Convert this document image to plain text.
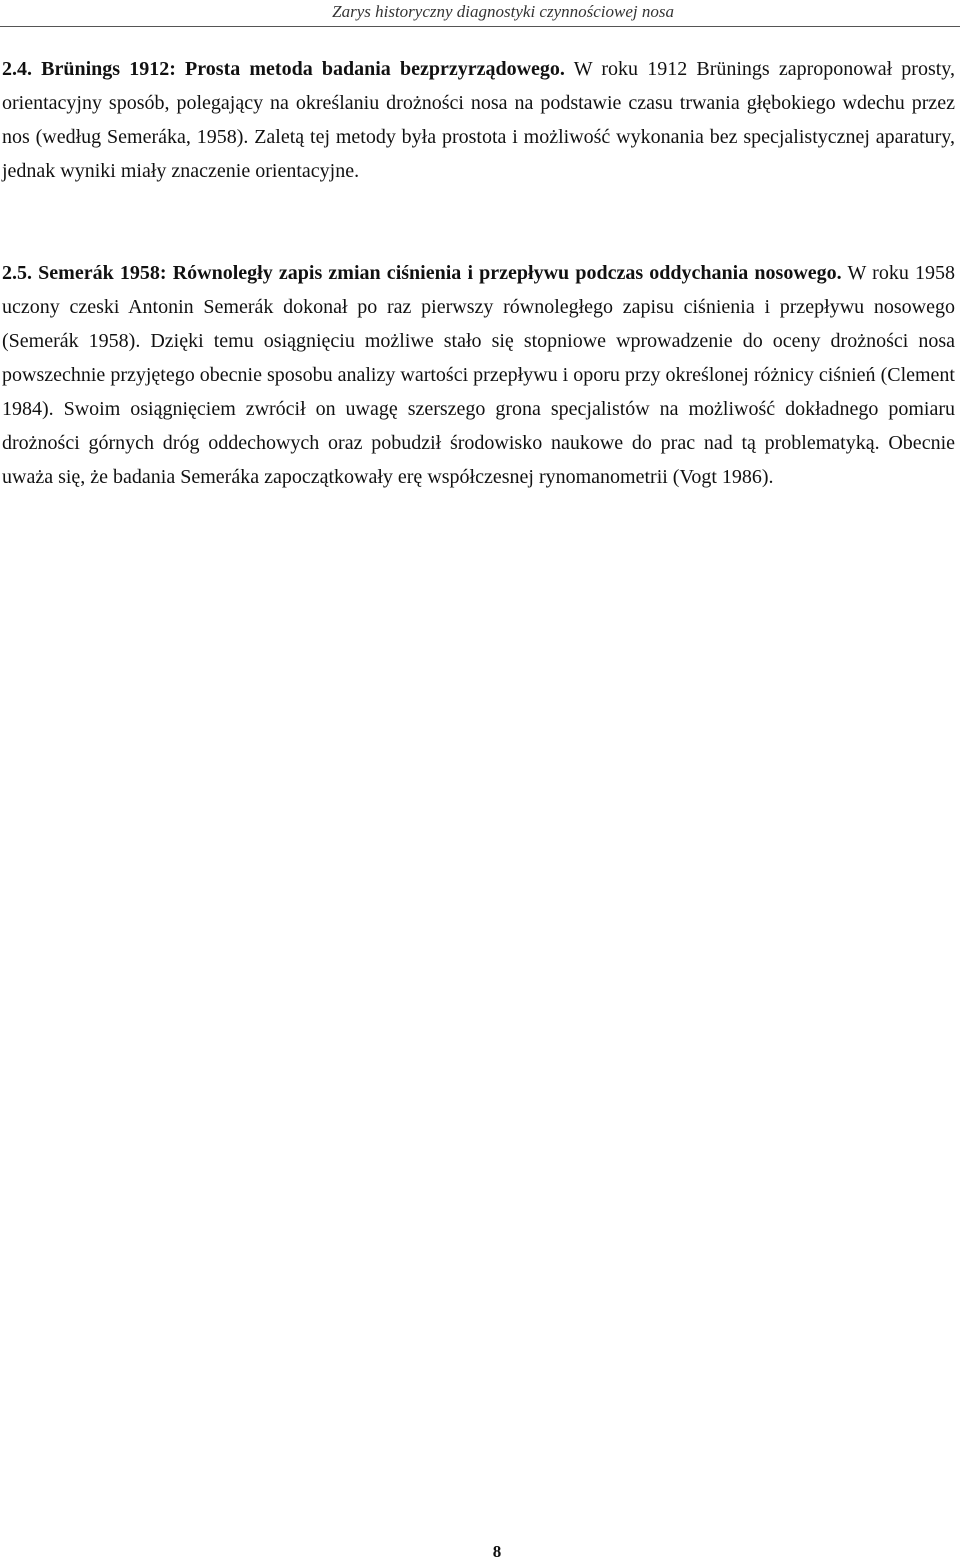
Zarys historyczny diagnostyki czynnościowej nosa
2.4. Brünings 1912: Prosta metoda badania bezprzyrządowego. W roku 1912 Brünings zaproponował prosty, orientacyjny sposób, polegający na określaniu drożności nosa na podstawie czasu trwania głębokiego wdechu przez nos (według Semeráka, 1958). Zaletą tej metody była prostota i możliwość wykonania bez specjalistycznej aparatury, jednak wyniki miały znaczenie orientacyjne.
2.5. Semerák 1958: Równoległy zapis zmian ciśnienia i przepływu podczas oddychania nosowego. W roku 1958 uczony czeski Antonin Semerák dokonał po raz pierwszy równoległego zapisu ciśnienia i przepływu nosowego (Semerák 1958). Dzięki temu osiągnięciu możliwe stało się stopniowe wprowadzenie do oceny drożności nosa powszechnie przyjętego obecnie sposobu analizy wartości przepływu i oporu przy określonej różnicy ciśnień (Clement 1984). Swoim osiągnięciem zwrócił on uwagę szerszego grona specjalistów na możliwość dokładnego pomiaru drożności górnych dróg oddechowych oraz pobudził środowisko naukowe do prac nad tą problematyką. Obecnie uważa się, że badania Semeráka zapoczątkowały erę współczesnej rynomanometrii (Vogt 1986).
8
